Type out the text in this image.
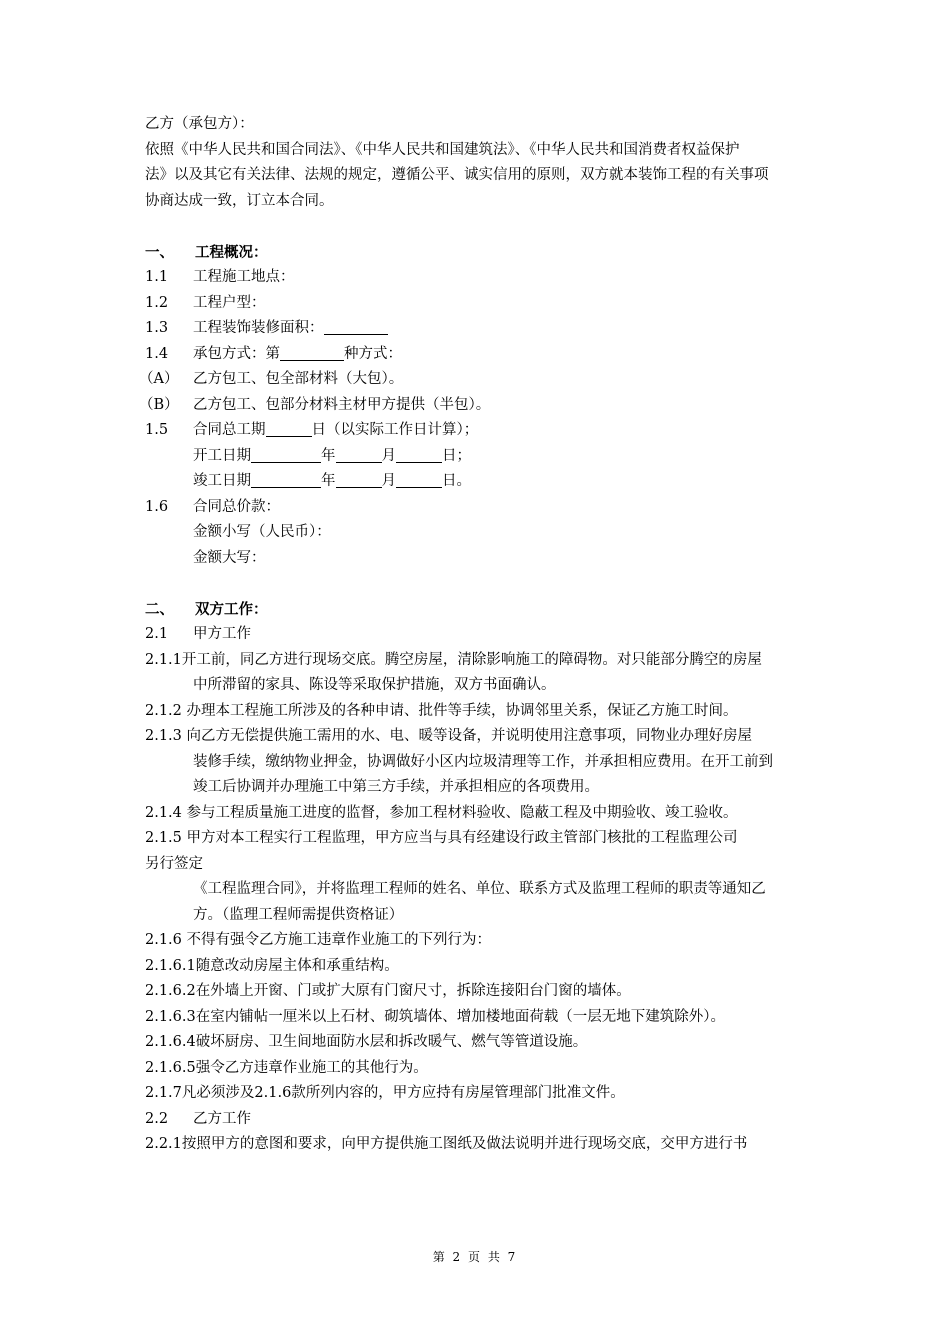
乙方（承包方）：
依照《中华人民共和国合同法》、《中华人民共和国建筑法》、《中华人民共和国消费者权益保护
法》以及其它有关法律、法规的规定，遵循公平、诚实信用的原则，双方就本装饰工程的有关事项
协商达成一致，订立本合同。
一、 工程概况：
1.1 工程施工地点：
1.2 工程户型：
1.3 工程装饰装修面积：
1.4 承包方式：第	种方式：
（A） 乙方包工、包全部材料（大包）。
（B） 乙方包工、包部分材料主材甲方提供（半包）。
1.5 合同总工期	日（以实际工作日计算）；
开工日期	年	月	日；
竣工日期	年	月	日。
1.6 合同总价款：
金额小写（人民币）：
金额大写：
二、 双方工作：
2.1 甲方工作
2.1.1开工前，同乙方进行现场交底。腾空房屋，清除影响施工的障碍物。对只能部分腾空的房屋
中所滞留的家具、陈设等采取保护措施，双方书面确认。
2.1.2 办理本工程施工所涉及的各种申请、批件等手续，协调邻里关系，保证乙方施工时间。
2.1.3 向乙方无偿提供施工需用的水、电、暖等设备，并说明使用注意事项，同物业办理好房屋
装修手续，缴纳物业押金，协调做好小区内垃圾清理等工作，并承担相应费用。在开工前到
竣工后协调并办理施工中第三方手续，并承担相应的各项费用。
2.1.4 参与工程质量施工进度的监督，参加工程材料验收、隐蔽工程及中期验收、竣工验收。
2.1.5 甲方对本工程实行工程监理，甲方应当与具有经建设行政主管部门核批的工程监理公司
另行签定
《工程监理合同》，并将监理工程师的姓名、单位、联系方式及监理工程师的职责等通知乙
方。（监理工程师需提供资格证）
2.1.6 不得有强令乙方施工违章作业施工的下列行为：
2.1.6.1随意改动房屋主体和承重结构。
2.1.6.2在外墙上开窗、门或扩大原有门窗尺寸，拆除连接阳台门窗的墙体。
2.1.6.3在室内铺帖一厘米以上石材、砌筑墙体、增加楼地面荷载（一层无地下建筑除外）。
2.1.6.4破坏厨房、卫生间地面防水层和拆改暖气、燃气等管道设施。
2.1.6.5强令乙方违章作业施工的其他行为。
2.1.7凡必须涉及2.1.6款所列内容的，甲方应持有房屋管理部门批准文件。
2.2 乙方工作
2.2.1按照甲方的意图和要求，向甲方提供施工图纸及做法说明并进行现场交底，交甲方进行书
第 2 页 共 7
